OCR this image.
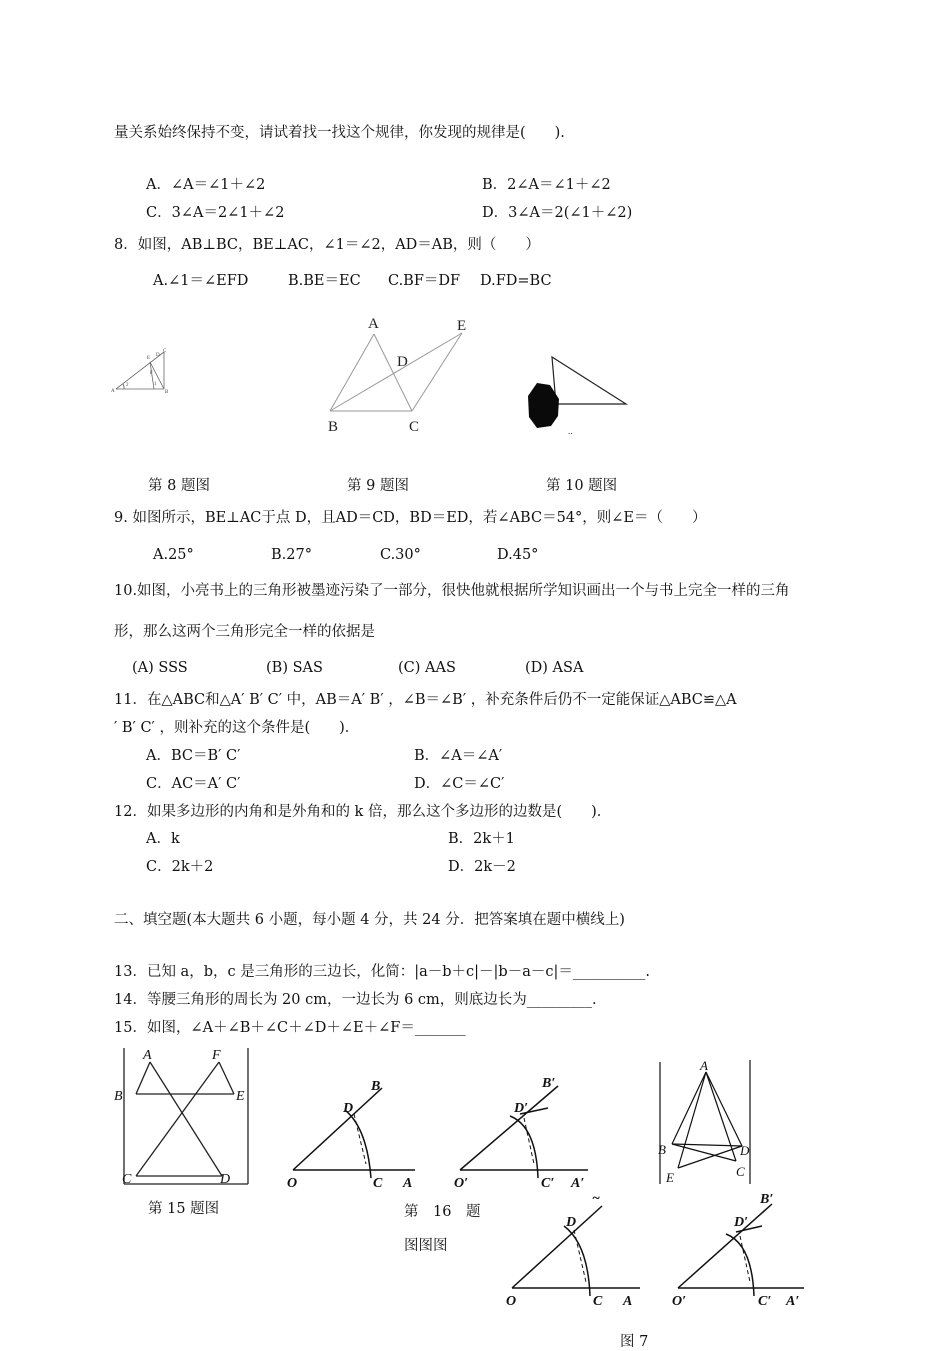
量关系始终保持不变，请试着找一找这个规律，你发现的规律是(　　).
A．∠A＝∠1＋∠2	B．2∠A＝∠1＋∠2
C．3∠A＝2∠1＋∠2	D．3∠A＝2(∠1＋∠2)
8．如图，AB⊥BC，BE⊥AC，∠1＝∠2，AD＝AB，则（　　）
A.∠1＝∠EFD	B.BE＝EC C.BF＝DF D.FD=BC
A	B
C
D
E
F
1
2
A
B	C
D
E
..
第 8 题图	第 9 题图	第 10 题图
9. 如图所示，BE⊥AC于点 D，且AD＝CD，BD＝ED，若∠ABC＝54°，则∠E＝（　　）
A.25°	B.27°	C.30°	D.45°
10.如图，小亮书上的三角形被墨迹污染了一部分，很快他就根据所学知识画出一个与书上完全一样的三角
形，那么这两个三角形完全一样的依据是
(A) SSS	(B) SAS	(C) AAS	(D) ASA
11．在△ABC和△A′ B′ C′ 中，AB＝A′ B′ ，∠B＝∠B′ ，补充条件后仍不一定能保证△ABC≌△A
′ B′ C′ ，则补充的这个条件是(　　)．
A．BC＝B′ C′	B．∠A＝∠A′
C．AC＝A′ C′	D．∠C＝∠C′
12．如果多边形的内角和是外角和的 k 倍，那么这个多边形的边数是(　　)．
A．k	B．2k＋1
C．2k＋2	D．2k－2
二、填空题(本大题共 6 小题，每小题 4 分，共 24 分．把答案填在题中横线上)
13．已知 a，b，c 是三角形的三边长，化简：|a－b＋c|－|b－a－c|＝__________.
14．等腰三角形的周长为 20 cm，一边长为 6 cm，则底边长为_________.
15．如图，∠A＋∠B＋∠C＋∠D＋∠E＋∠F＝_______
A
B
C	D
E
F
O	A
B
C
D
O′	A′
B′
C′
D′
A
B
C
D
E
第 15 题图	第　16　题
图图图
O	A
C
D
~
O′	A′
B′
C′
D′
图 7
